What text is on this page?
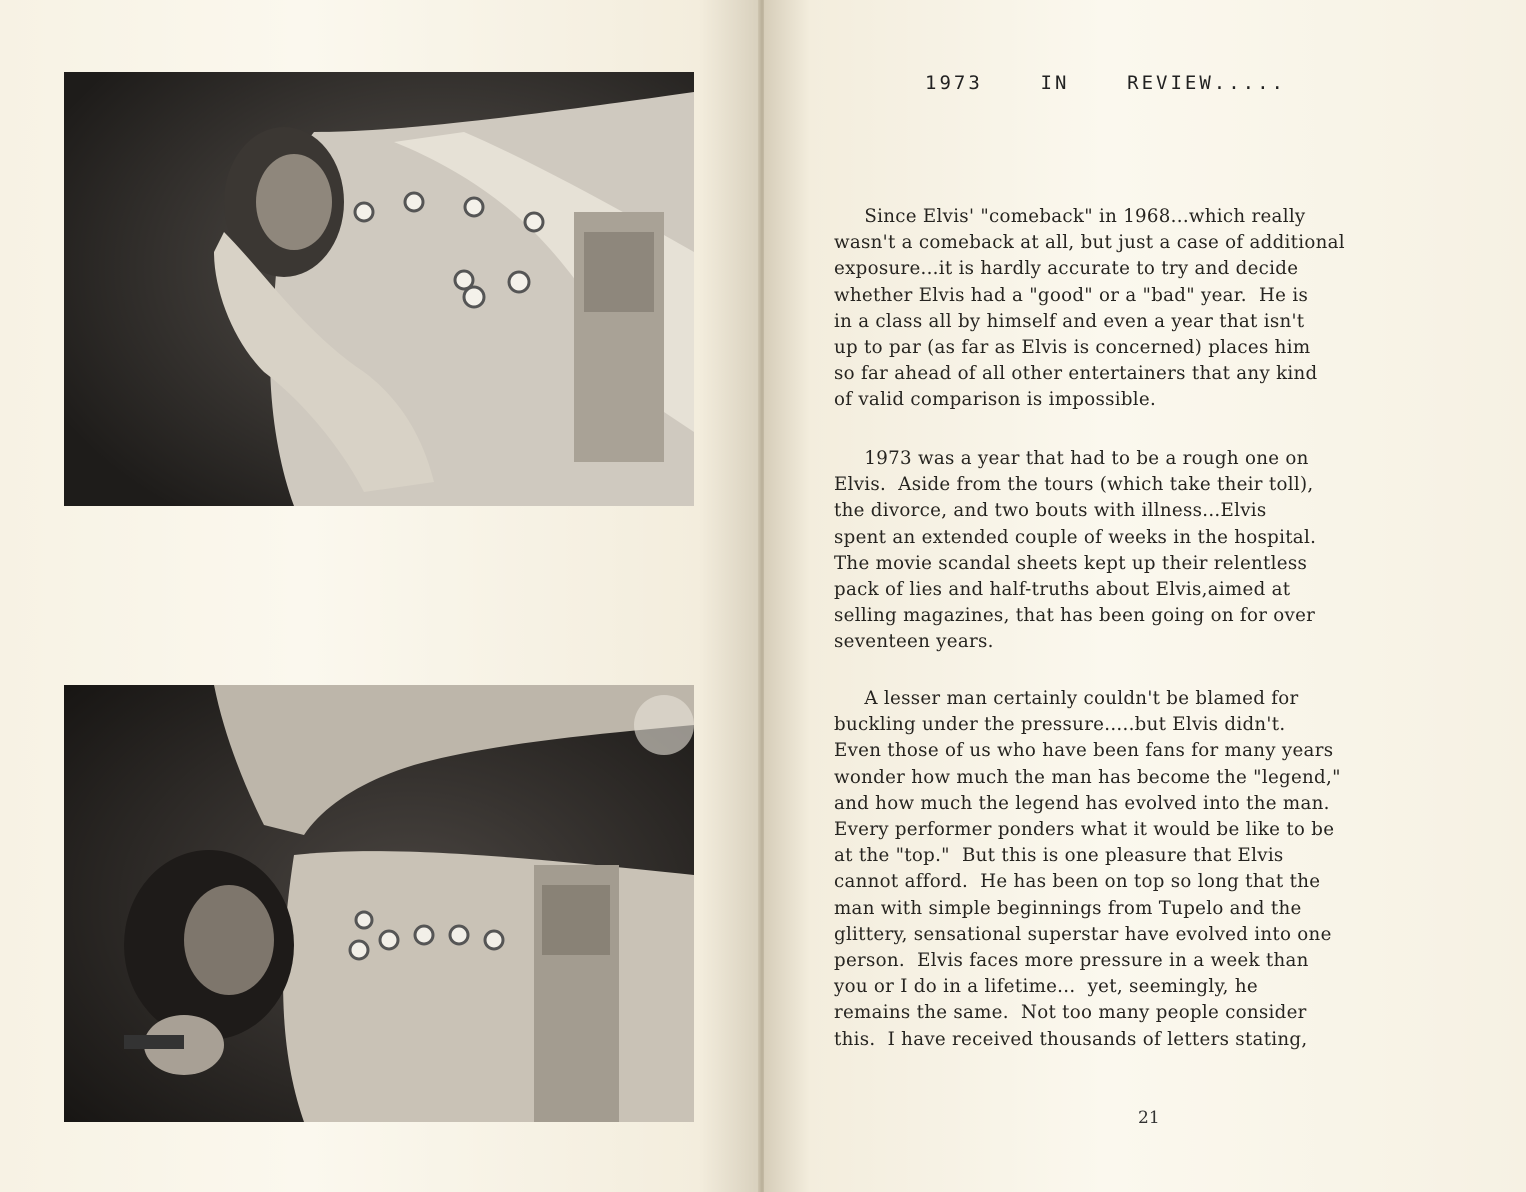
1973    IN    REVIEW.....

Since Elvis' "comeback" in 1968...which really
wasn't a comeback at all, but just a case of additional
exposure...it is hardly accurate to try and decide
whether Elvis had a "good" or a "bad" year.  He is
in a class all by himself and even a year that isn't
up to par (as far as Elvis is concerned) places him
so far ahead of all other entertainers that any kind
of valid comparison is impossible.

1973 was a year that had to be a rough one on
Elvis.  Aside from the tours (which take their toll),
the divorce, and two bouts with illness...Elvis
spent an extended couple of weeks in the hospital.
The movie scandal sheets kept up their relentless
pack of lies and half-truths about Elvis,aimed at
selling magazines, that has been going on for over
seventeen years.

A lesser man certainly couldn't be blamed for
buckling under the pressure.....but Elvis didn't.
Even those of us who have been fans for many years
wonder how much the man has become the "legend,"
and how much the legend has evolved into the man.
Every performer ponders what it would be like to be
at the "top."  But this is one pleasure that Elvis
cannot afford.  He has been on top so long that the
man with simple beginnings from Tupelo and the
glittery, sensational superstar have evolved into one
person.  Elvis faces more pressure in a week than
you or I do in a lifetime...  yet, seemingly, he
remains the same.  Not too many people consider
this.  I have received thousands of letters stating,

21
